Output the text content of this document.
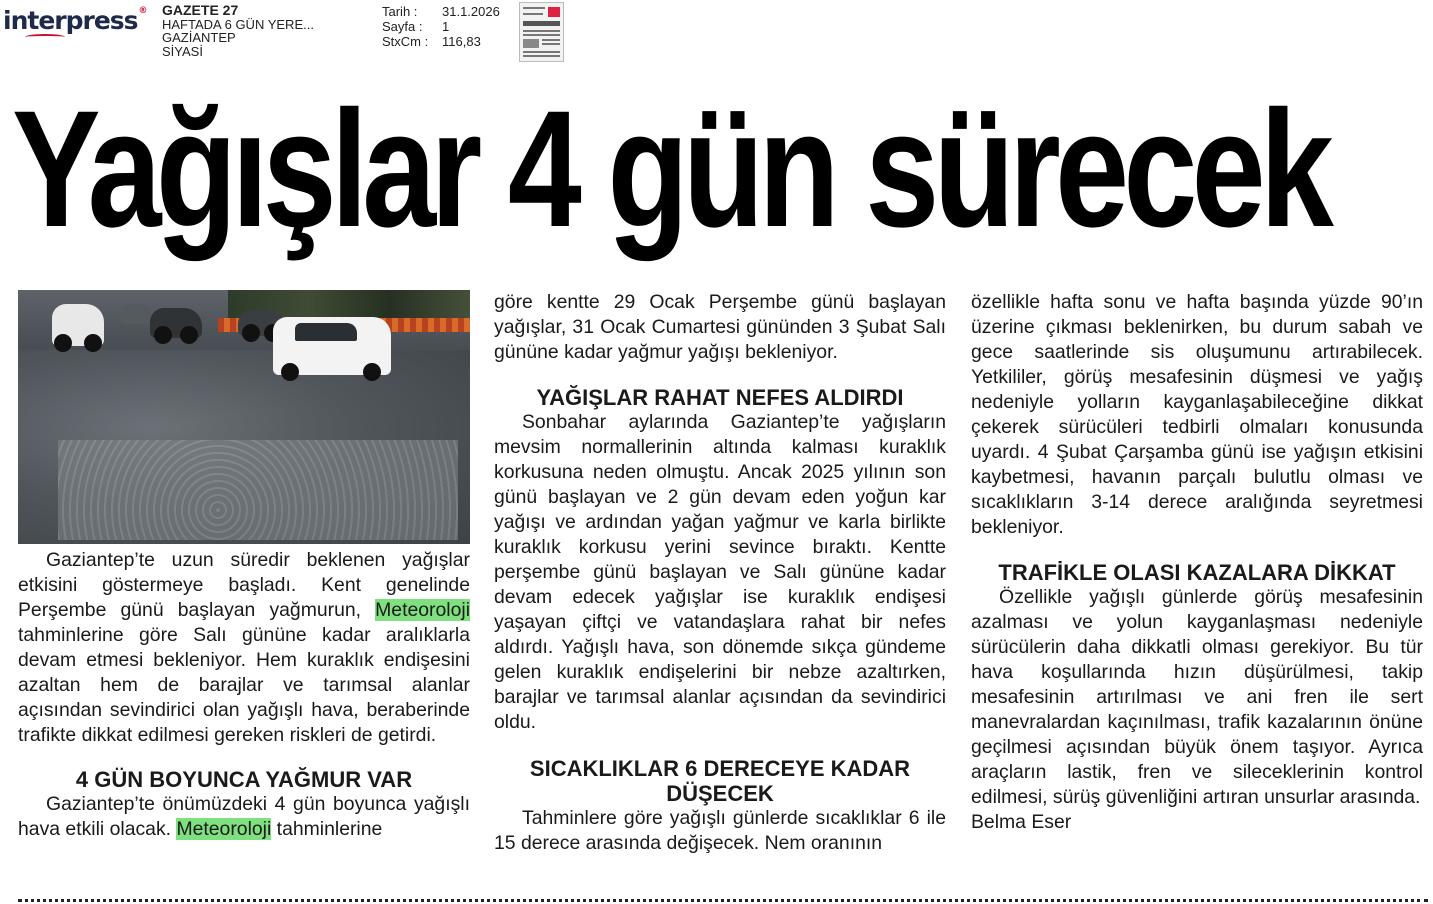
interpress® GAZETE 27
HAFTADA 6 GÜN YERE...
GAZİANTEP
SİYASİ
Tarih :	31.1.2026
Sayfa :	1
StxCm :	116,83
Yağışlar 4 gün sürecek

Gaziantep’te uzun süredir beklenen yağışlar etkisini göstermeye başladı. Kent genelinde Perşembe günü başlayan yağmurun, Meteoroloji tahminlerine göre Salı gününe kadar aralıklarla devam etmesi bekleniyor. Hem kuraklık endişesini azaltan hem de barajlar ve tarımsal alanlar açısından sevindirici olan yağışlı hava, beraberinde trafikte dikkat edilmesi gereken riskleri de getirdi.

4 GÜN BOYUNCA YAĞMUR VAR

Gaziantep’te önümüzdeki 4 gün boyunca yağışlı hava etkili olacak. Meteoroloji tahminlerine

göre kentte 29 Ocak Perşembe günü başlayan yağışlar, 31 Ocak Cumartesi gününden 3 Şubat Salı gününe kadar yağmur yağışı bekleniyor.

YAĞIŞLAR RAHAT NEFES ALDIRDI

Sonbahar aylarında Gaziantep’te yağışların mevsim normallerinin altında kalması kuraklık korkusuna neden olmuştu. Ancak 2025 yılının son günü başlayan ve 2 gün devam eden yoğun kar yağışı ve ardından yağan yağmur ve karla birlikte kuraklık korkusu yerini sevince bıraktı. Kentte perşembe günü başlayan ve Salı gününe kadar devam edecek yağışlar ise kuraklık endişesi yaşayan çiftçi ve vatandaşlara rahat bir nefes aldırdı. Yağışlı hava, son dönemde sıkça gündeme gelen kuraklık endişelerini bir nebze azaltırken, barajlar ve tarımsal alanlar açısından da sevindirici oldu.

SICAKLIKLAR 6 DERECEYE KADAR DÜŞECEK

Tahminlere göre yağışlı günlerde sıcaklıklar 6 ile 15 derece arasında değişecek. Nem oranının

özellikle hafta sonu ve hafta başında yüzde 90’ın üzerine çıkması beklenirken, bu durum sabah ve gece saatlerinde sis oluşumunu artırabilecek. Yetkililer, görüş mesafesinin düşmesi ve yağış nedeniyle yolların kayganlaşabileceğine dikkat çekerek sürücüleri tedbirli olmaları konusunda uyardı. 4 Şubat Çarşamba günü ise yağışın etkisini kaybetmesi, havanın parçalı bulutlu olması ve sıcaklıkların 3-14 derece aralığında seyretmesi bekleniyor.

TRAFİKLE OLASI KAZALARA DİKKAT

Özellikle yağışlı günlerde görüş mesafesinin azalması ve yolun kayganlaşması nedeniyle sürücülerin daha dikkatli olması gerekiyor. Bu tür hava koşullarında hızın düşürülmesi, takip mesafesinin artırılması ve ani fren ile sert manevralardan kaçınılması, trafik kazalarının önüne geçilmesi açısından büyük önem taşıyor. Ayrıca araçların lastik, fren ve sileceklerinin kontrol edilmesi, sürüş güvenliğini artıran unsurlar arasında.

Belma Eser
